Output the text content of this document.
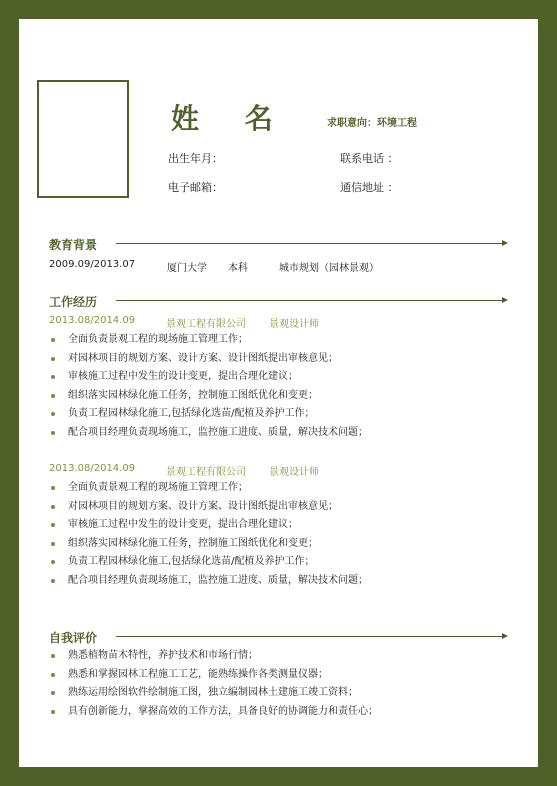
姓 名	求职意向：环境工程
出生年月：	联系电话 ：
电子邮箱：	通信地址 ：
教育背景
2009.09/2013.07	厦门大学 本科	城市规划（园林景观）
工作经历
2013.08/2014.09	景观工程有限公司 景观设计师
全面负责景观工程的现场施工管理工作；
对园林项目的规划方案、设计方案、设计图纸提出审核意见；
审核施工过程中发生的设计变更，提出合理化建议；
组织落实园林绿化施工任务，控制施工图纸优化和变更；
负责工程园林绿化施工,包括绿化选苗/配植及养护工作；
配合项目经理负责现场施工，监控施工进度、质量，解决技术问题；
2013.08/2014.09	景观工程有限公司 景观设计师
全面负责景观工程的现场施工管理工作；
对园林项目的规划方案、设计方案、设计图纸提出审核意见；
审核施工过程中发生的设计变更，提出合理化建议；
组织落实园林绿化施工任务，控制施工图纸优化和变更；
负责工程园林绿化施工,包括绿化选苗/配植及养护工作；
配合项目经理负责现场施工，监控施工进度、质量，解决技术问题；
自我评价
熟悉植物苗木特性，养护技术和市场行情；
熟悉和掌握园林工程施工工艺，能熟练操作各类测量仪器；
熟练运用绘图软件绘制施工图，独立编制园林土建施工竣工资料；
具有创新能力，掌握高效的工作方法，具备良好的协调能力和责任心；
